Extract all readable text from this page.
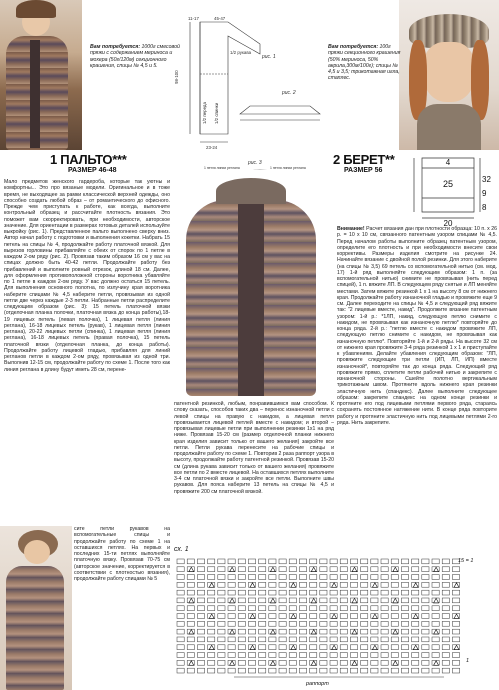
Вам потребуется: 1000г смесовой пряжи с содержанием мериноса и мохера (50г/120м) секционного крашения, спицы № 4,5 и 5.
11-17	45-47
98-100
1/2 рукава
1/2 переда 1/2 спинки
23-24
рис. 1
рис. 2
рис. 3
1 петля линии реглана	1 петля линии реглана
Вам потребуется: 100г пряжи секционного крашения (50% мериноса, 50% акрила,300м/100г); спицы № 4,5 и 3,5; трикотажная игла, стаплес.
1 ПАЛЬТО***
РАЗМЕР 46-48
2 БЕРЕТ**
РАЗМЕР 56
4
32
9
25
8
20

Мало предметов женского гардероба, которые так уютны и комфортны... Это про вязаные модели. Оригинальное и в тоже время, не выходящее за рамки классической верхней одежды, оно способно создать любой образ – от романтического до офисного. Прежде чем приступать к работе, как всегда, выполните контрольный образец и рассчитайте плотность вязания. Это поможет вам скорректировать, при необходимости, авторское значение. Для ориентации в размерах готовых деталей используйте выкройку (рис. 1). Представленное пальто выполнено сверху вниз. Автор начал работу с подготовки и выполнения кокетки. Набрать 15 петель на спицы № 4, продолжайте работу платочной вязкой. Для вырезов горловины прибавляйте с обеих от спорок по 1 петле в каждом 2-ом ряду (рис. 2). Провязав таким образом 16 см у вас на спицах должно быть 40-42 петли. Продолжайте работу без прибавлений и выполните ровный отрезок, длиной 18 см. Далее, для оформления противоположной стороны воротника убавляйте по 1 петле в каждом 2-ом ряду. У вас должно остаться 15 петель. Для выполнения основного полотна, по излучину края воротника наберите спицами № 4,5 наберите петли, провязывая из одной петли две через каждые 2-3 петли. Набранные петли распределите следующим образом (рис. 3): 15 петель платочной вязки (отделочная планка полочки, платочная вязка до конца работы),18-19 лицевых петель (левая полочка), 1 лицевая петля (линия реглана), 16-18 лицевых петель (рукав), 1 лицевая петля (линия реглана), 20-22 лицевых петли (спинка), 1 лицевая петля (линия реглана), 16-18 лицевых петель (правая полочка), 15 петель платочной вязки (отделочная планка, до конца работы). Продолжайте работу лицевой гладью, прибавляя для линий регланов петли в каждом 2-ом ряду, провязывая из одной три. Выполнив 12-15 см, продолжайте работу по схеме 1. После того как линия реглана в длину будут иметь 28 см, перене-

сите петли рукавов на вспомогательные спицы и продолжайте работу по схеме 1 на оставшихся петлях. На первых и последних 15-ти петлях выполняйте платочную вязку. Провязав 70-75 см (авторское значение, корректируется в соответствии с плотностью вязания), продолжайте работу спицами № 5

патентной резинкой, любым, понравившимся вам способом. К слову сказать, способов таких два – перенос изнаночной петли с левой спицы на правую с накидом, а лицевая петля провязывается лицевой петлей вместе с накидом; и второй – провязывая лицевые петли при выполнении резинки 1х1 на ряд ниже. Провязав 15-20 см (размер отделочной планки нижнего края изделия зависит только от вашего желания) закройте все петли. Петли рукава перенесите на рабочие спицы и продолжайте работу по схеме 1. Повторив 2 раза раппорт узора в высоту, продолжайте работу патентной резинкой. Провязав 15-20 см (длина рукава зависит только от вашего желания) провяжите все петли по 2 вместе лицевой. На оставшихся петлях выполните 3-4 см платочной вязки и закройте все петли. Выполните швы рукавов. Для пояса наберите 13 петель на спицы № 4,5 и провяжите 200 см платочной вязкой.

Внимание! Расчет вязания дан при плотности образца: 10 п. х 26 р. = 10 х 10 см, связанного патентным узором спицами № 4,5. Перед началом работы выполните образец патентным узором, определите его плотность и при необходимости внесите свои коррективы. Размеры изделия смотрите на рисунке 24. Начинайте вязание с двойной полой резинки. Для этого наберите (на спицы № 3,5) 69 петель со вспомогательной нитью (см. мод. 17) 1-й ряд выполняйте следующим образом: 1 п. (за вспомогательной нитью) снимите не провязывая (нить перед спицей), 1 п. вяжите ЛП. В следующем ряду снятые и ЛП меняйте местами. Затем вяжите резинкой 1 х 1 на высоту 8 см от нижнего края. Продолжайте работу изнаночной гладью и провяжите еще 9 см. Далее переходите на спицы № 4,5 и следующий ряд вяжите так: "2 лицевые вместе, накид". Продолжите вязание патентным узором: 1-й р.: *1ЛП, накид, следующую петлю снимите с накидом, не провязывая как изнаночную петлю* повторяйте до конца ряда. 2-й р.: "петлю вместе с накидом провяжите ЛП, следующую петлю снимите с накидом, не провязывая как изнаночную петлю*. Повторяйте 1-й и 2-й ряды. На высоте 32 см от нижнего края провяжите 3-4 ряда резинкой 1 х 1 и приступайте к убавлениям. Делайте убавления следующим образом: "ЛП, провяжите следующие три петли (ИП, ЛП, ИП) вместе изнаночной*, повторяйте так до конца ряда. Следующий ряд провяжите прямо, сплетите петли рабочей нитью и закрепите с изнаночной стороны. Сшейте полотно вертикальным трикотажным швом. Протяните вдоль нижнего края резинки эластичную нить (спандекс). Далее выполните следующее образом: закрепите спандекс на одном конце резинки и протяните его под лицевыми петлями первого ряда, стараясь сохранять постоянное натяжение нити. В конце ряда повторите работу и протяните эластичную нить под лицевыми петлями 2-го ряда. Нить закрепите.
сх. 1
15 = 1
1
раппорт
